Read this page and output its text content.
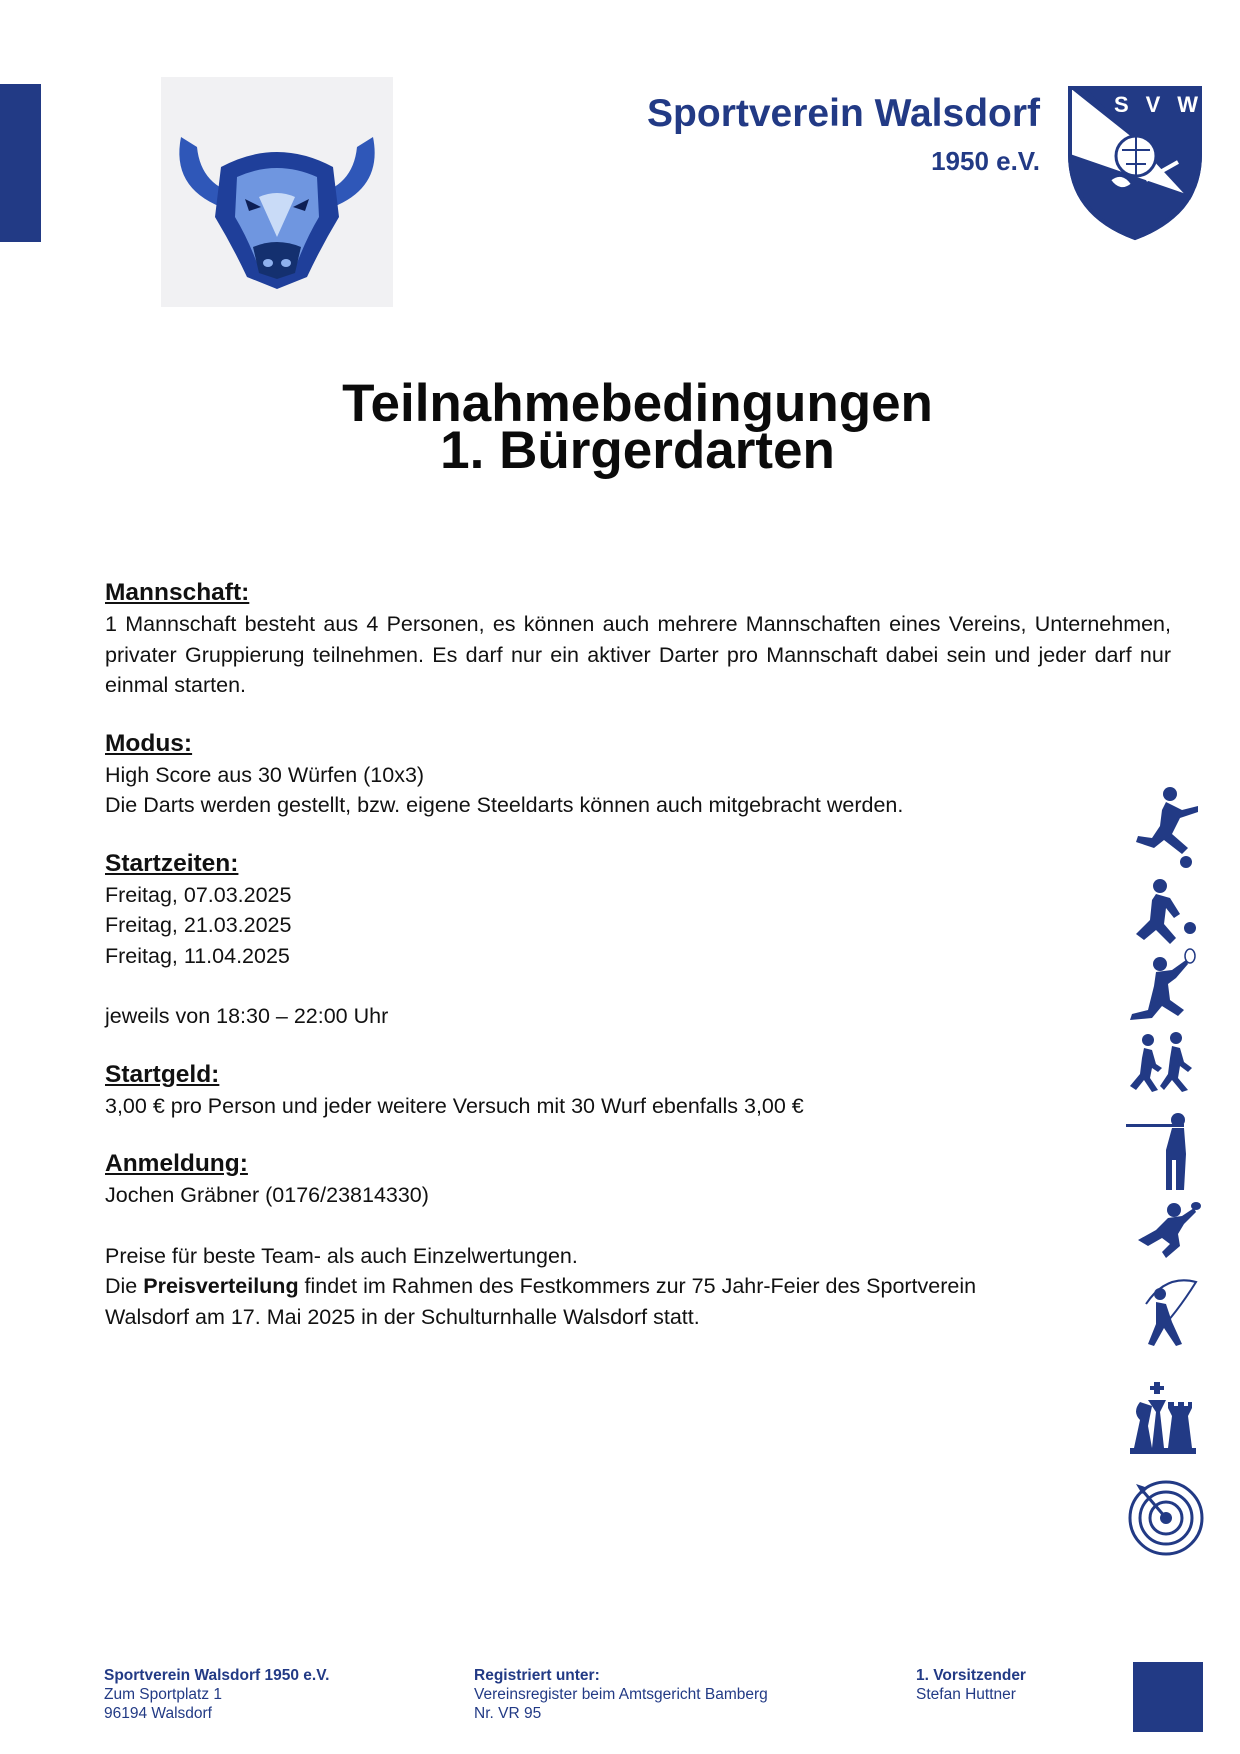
Sportverein Walsdorf
1950 e.V.
S V W
Teilnahmebedingungen
1. Bürgerdarten
Mannschaft:
1 Mannschaft besteht aus 4 Personen, es können auch mehrere Mannschaften eines Vereins, Unternehmen, privater Gruppierung teilnehmen. Es darf nur ein aktiver Darter pro Mannschaft dabei sein und jeder darf nur einmal starten.
Modus:
High Score aus 30 Würfen (10x3)
Die Darts werden gestellt, bzw. eigene Steeldarts können auch mitgebracht werden.
Startzeiten:
Freitag, 07.03.2025
Freitag, 21.03.2025
Freitag, 11.04.2025
jeweils von 18:30 – 22:00 Uhr
Startgeld:
3,00 € pro Person und jeder weitere Versuch mit 30 Wurf ebenfalls 3,00 €
Anmeldung:
Jochen Gräbner (0176/23814330)
Preise für beste Team- als auch Einzelwertungen.
Die Preisverteilung findet im Rahmen des Festkommers zur 75 Jahr-Feier des Sportverein
Walsdorf am 17. Mai 2025 in der Schulturnhalle Walsdorf statt.
Sportverein Walsdorf 1950 e.V.
Zum Sportplatz 1
96194 Walsdorf
Registriert unter:
Vereinsregister beim Amtsgericht Bamberg
Nr. VR 95
1. Vorsitzender
Stefan Huttner
